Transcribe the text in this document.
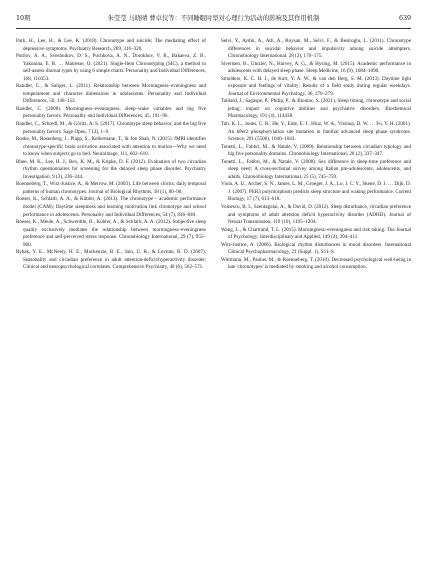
10期	朱莹莹 马晓晴 曹卓仪等：不同睡眠时型对心理行为活动的影响及其作用机制	639

Park, H., Lee, H., & Lee, K. (2018). Chronotype and suicide; The mediating effect of depressive symptoms. Psychiatry Research, 269, 316–320.

Putilov, A. A., Sveshnikov, D. S., Puchkova, A. N., Dorokhov, V. B., Bakaeva, Z. B., Yakunina, E. B. … Mairesse, O. (2021). Single-Item Chronotyping (SIC), a method to self-assess diurnal types by using 6 simple charts. Personality and Individual Differences, 168, 110353.

Randler, C., & Saliger, L. (2011). Relationship between Morningness–eveningness and temperament and character dimensions in adolescents. Personality and Individual Differences, 50, 148–152.

Randler, C. (2008). Morningness–eveningness, sleep–wake variables and big five personality factors. Personality and Individual Differences, 45, 191–96.

Randler, C., Schredl, M., & Göritz, A. S. (2017). Chronotype sleep behavior, and the big five personality factors. Sage Open, 7 (3), 1–9.

Roske, M., Rosenberg, J., Plapp, S., Kellermann, T., & Jon Shah, N. (2015). fMRI identifies chronotype-specific brain activation associated with attention to motion—Why we need to know when subjects go to bed. Neuroimage, 111, 602–610.

Rhee, M. K., Lee, H. J., Rex, K. M., & Kripke, D. F. (2012). Evaluation of two circadian rhythm questionnaires for screening for the delayed sleep phase disorder. Psychiatry Investigation, 9 (3), 236–244.

Roenneberg, T., Wirz-Justice, A., & Merrow, M. (2003). Life between clocks; daily temporal patterns of human chronotypes. Journal of Biological Rhythms, 18 (1), 80–90.

Roeser, K., Schlarb, A. A., & Kübler, A. (2013). The chronotype – academic performance model (CAM); Daytime sleepiness and learning motivation link chronotype and school performance in adolescents. Personality and Individual Differences, 54 (7), 836–840.

Roeser, K., Meule, A., Schwerdtle, B., Kübler, A., & Schlarb, A. A. (2012). Subjective sleep quality exclusively mediates the relationship between morningness–eveningness preference and self-perceived stress response. Chronobiology International, 29 (7), 955–960.

Rybak, Y. E., McNeely, H. E., Mackenzie, B. E., Jain, U. R., & Levitan, R. D. (2007). Seasonality and circadian preference in adult attention-deficit/hyperactivity disorder; Clinical and neuropsychological correlates. Comprehensive Psychiatry, 48 (6), 562–571.

Selvi, Y., Aydin, A., Atli, A., Boysan, M., Selvi, F., & Besiroglu, L. (2011). Chronotype differences in suicidal behavior and impulsivity among suicide attempters. Chronobiology International, 28 (2), 170–175.

Sivertsen, B., Glozier, N., Harvey, A. G., & Hysing, M. (2015). Academic performance in adolescents with delayed sleep phase. Sleep Medicine, 16 (9), 1084–1090.

Smolders, K. C. H. J., de Kort, Y. A. W., & van den Berg, S. M. (2013). Daytime light exposure and feelings of vitality; Results of a field study during regular weekdays. Journal of Environmental Psychology, 36, 270–279.

Taillard, J., Sagaspe, P., Philip, P., & Bioulac, S. (2021). Sleep timing, chronotype and social jetlag; impact on cognitive abilities and psychiatric disorders. Biochemical Pharmacology, 191 (4), 114438.

Toh, K. L., Jones, C. R., He, Y., Eide, E. J., Hinz, W. A., Virshup, D. W. … Fu, Y. H. (2001). An hPer2 phosphorylation site mutation in familial advanced sleep phase syndrome. Science, 291 (5506), 1040–1043.

Tonetti, L., Fabbri, M., & Natale, V. (2009). Relationship between circadian typology and big five personality domains. Chronobiology International, 26 (2), 337–347.

Tonetti, L., Fabbri, M., & Natale, V. (2008). Sex difference in sleep-time preference and sleep need; A cross-sectional survey among Italian pre-adolescents, adolescents, and adults. Chronobiology International, 25 (5), 745–759.

Viola, A. U., Archer, S. N., James, L. M., Groeger, J. A., Lo, J. C. Y., Skene, D. J. … Dijk, D. J. (2007). PER3 polymorphism predicts sleep structure and waking performance. Current Biology, 17 (7), 613–618.

Voinescu, B. I., Szentagotai, A., & David, D. (2012). Sleep disturbance, circadian preference and symptoms of adult attention deficit hyperactivity disorder (ADHD). Journal of Neural Transmission, 119 (10), 1195–1204.

Wang, L., & Chartrand, T. L. (2015). Morningness–eveningness and risk taking. The Journal of Psychology; Interdisciplinary and Applied, 149 (4), 394–411.

Wirz-Justice, A. (2006). Biological rhythm disturbances in mood disorders. International Clinical Psychopharmacology, 21 (Suppl. 1), S11–S.

Wittmann, M., Paulus, M., & Roenneberg, T. (2010). Decreased psychological well-being in late 'chronotypes' is mediated by smoking and alcohol consumption.
